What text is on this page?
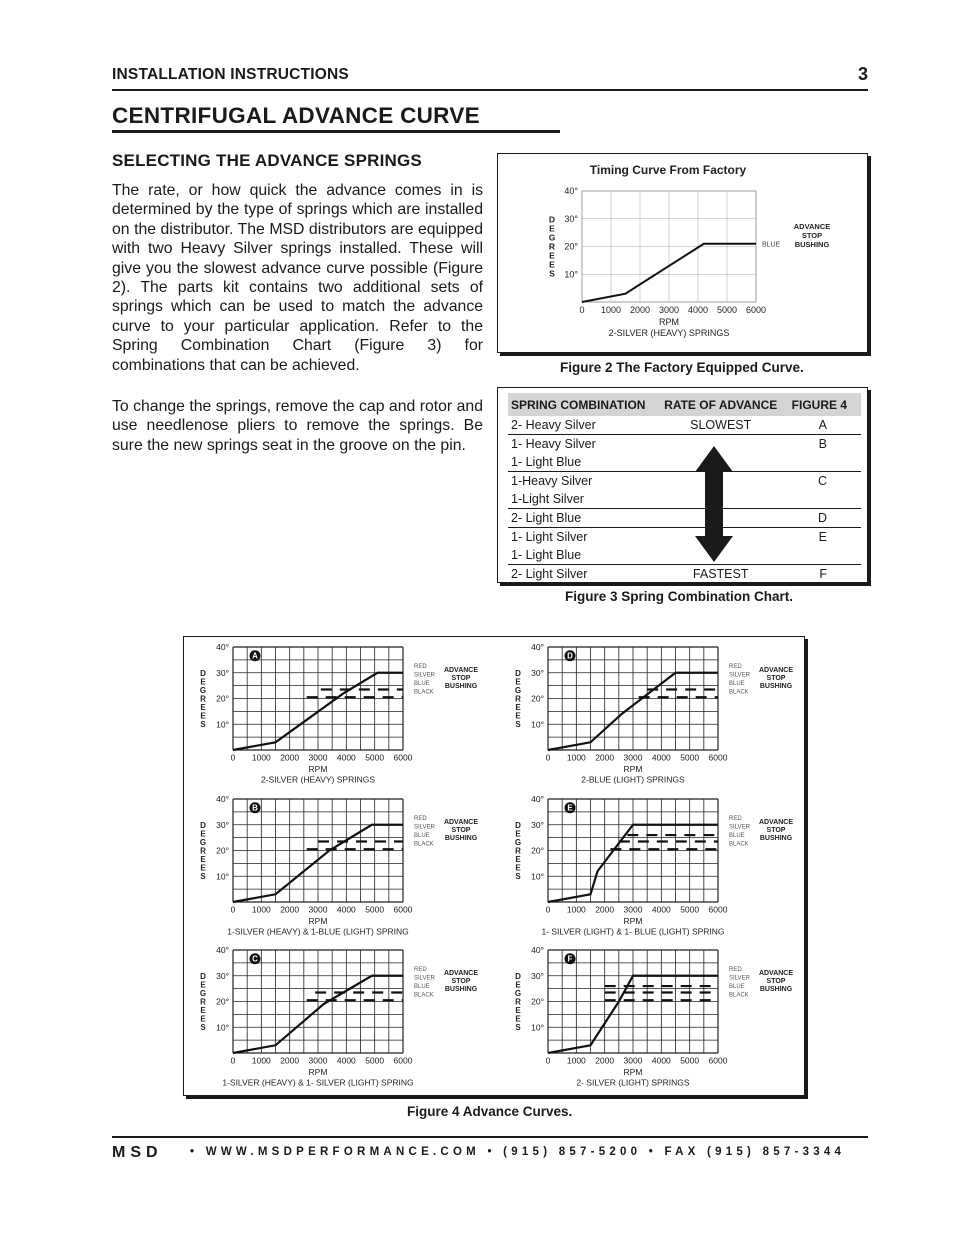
INSTALLATION INSTRUCTIONS	3
CENTRIFUGAL ADVANCE CURVE
SELECTING THE ADVANCE SPRINGS
The rate, or how quick the advance comes in is determined by the type of springs which are installed on the distributor. The MSD distributors are equipped with two Heavy Silver springs installed. These will give you the slowest advance curve possible (Figure 2). The parts kit contains two additional sets of springs which can be used to match the advance curve to your particular application. Refer to the Spring Combination Chart (Figure 3) for combinations that can be achieved.
To change the springs, remove the cap and rotor and use needlenose pliers to remove the springs. Be sure the new springs seat in the groove on the pin.
Timing Curve From Factory
10°
20°
30°
40°
0 1000 2000 3000 4000 5000 6000
D
E
G
R
E
E
S
RPM
2-SILVER (HEAVY) SPRINGS
BLUE
ADVANCE
STOP
BUSHING
Figure 2 The Factory Equipped Curve.
SPRING COMBINATION	RATE OF ADVANCE	FIGURE 4
2- Heavy Silver	SLOWEST	A
1- Heavy Silver		B
1- Light Blue		
1-Heavy Silver		C
1-Light Silver		
2- Light Blue		D
1- Light Silver		E
1- Light Blue		
2- Light Silver	FASTEST	F
Figure 3 Spring Combination Chart.
10°
20°
30°
40°
0 1000 2000 3000 4000 5000 6000
D
E
G
R
E
E
S
RPM
2-SILVER (HEAVY) SPRINGS
A
RED
SILVER
BLUE
BLACK
ADVANCE
STOP
BUSHING
10°
20°
30°
40°
0 1000 2000 3000 4000 5000 6000
D
E
G
R
E
E
S
RPM
1-SILVER (HEAVY) & 1-BLUE (LIGHT) SPRING
B
RED
SILVER
BLUE
BLACK
ADVANCE
STOP
BUSHING
10°
20°
30°
40°
0 1000 2000 3000 4000 5000 6000
D
E
G
R
E
E
S
RPM
1-SILVER (HEAVY) & 1- SILVER (LIGHT) SPRING
C
RED
SILVER
BLUE
BLACK
ADVANCE
STOP
BUSHING
10°
20°
30°
40°
0 1000 2000 3000 4000 5000 6000
D
E
G
R
E
E
S
RPM
2-BLUE (LIGHT) SPRINGS
D
RED
SILVER
BLUE
BLACK
ADVANCE
STOP
BUSHING
10°
20°
30°
40°
0 1000 2000 3000 4000 5000 6000
D
E
G
R
E
E
S
RPM
1- SILVER (LIGHT) & 1- BLUE (LIGHT) SPRING
E
RED
SILVER
BLUE
BLACK
ADVANCE
STOP
BUSHING
10°
20°
30°
40°
0 1000 2000 3000 4000 5000 6000
D
E
G
R
E
E
S
RPM
2- SILVER (LIGHT) SPRINGS
F
RED
SILVER
BLUE
BLACK
ADVANCE
STOP
BUSHING
Figure 4 Advance Curves.
MSD • WWW.MSDPERFORMANCE.COM • (915) 857-5200 • FAX (915) 857-3344
